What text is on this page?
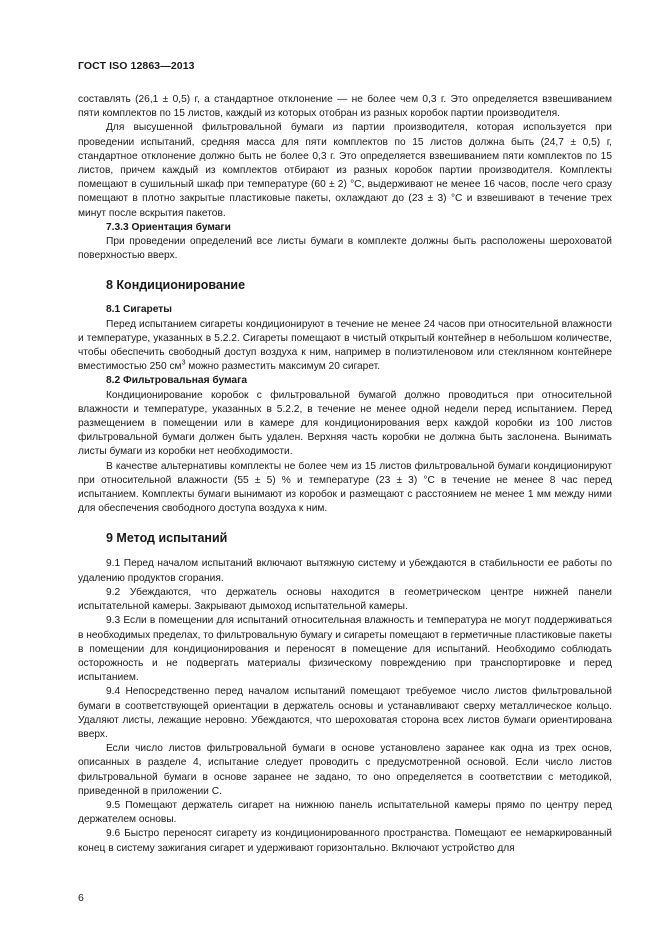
ГОСТ ISO 12863—2013

составлять (26,1 ± 0,5) г, а стандартное отклонение — не более чем 0,3 г. Это определяется взвешиванием пяти комплектов по 15 листов, каждый из которых отобран из разных коробок партии производителя.

Для высушенной фильтровальной бумаги из партии производителя, которая используется при проведении испытаний, средняя масса для пяти комплектов по 15 листов должна быть (24,7 ± 0,5) г, стандартное отклонение должно быть не более 0,3 г. Это определяется взвешиванием пяти комплектов по 15 листов, причем каждый из комплектов отбирают из разных коробок партии производителя. Комплекты помещают в сушильный шкаф при температуре (60 ± 2) °С, выдерживают не менее 16 часов, после чего сразу помещают в плотно закрытые пластиковые пакеты, охлаждают до (23 ± 3) °С и взвешивают в течение трех минут после вскрытия пакетов.

7.3.3 Ориентация бумаги

При проведении определений все листы бумаги в комплекте должны быть расположены шероховатой поверхностью вверх.

8 Кондиционирование

8.1 Сигареты

Перед испытанием сигареты кондиционируют в течение не менее 24 часов при относительной влажности и температуре, указанных в 5.2.2. Сигареты помещают в чистый открытый контейнер в небольшом количестве, чтобы обеспечить свободный доступ воздуха к ним, например в полиэтиленовом или стеклянном контейнере вместимостью 250 $см^3$ можно разместить максимум 20 сигарет.

8.2 Фильтровальная бумага

Кондиционирование коробок с фильтровальной бумагой должно проводиться при относительной влажности и температуре, указанных в 5.2.2, в течение не менее одной недели перед испытанием. Перед размещением в помещении или в камере для кондиционирования верх каждой коробки из 100 листов фильтровальной бумаги должен быть удален. Верхняя часть коробки не должна быть заслонена. Вынимать листы бумаги из коробки нет необходимости.

В качестве альтернативы комплекты не более чем из 15 листов фильтровальной бумаги кондиционируют при относительной влажности (55 ± 5) % и температуре (23 ± 3) °С в течение не менее 8 час перед испытанием. Комплекты бумаги вынимают из коробок и размещают с расстоянием не менее 1 мм между ними для обеспечения свободного доступа воздуха к ним.

9 Метод испытаний

9.1 Перед началом испытаний включают вытяжную систему и убеждаются в стабильности ее работы по удалению продуктов сгорания.

9.2 Убеждаются, что держатель основы находится в геометрическом центре нижней панели испытательной камеры. Закрывают дымоход испытательной камеры.

9.3 Если в помещении для испытаний относительная влажность и температура не могут поддерживаться в необходимых пределах, то фильтровальную бумагу и сигареты помещают в герметичные пластиковые пакеты в помещении для кондиционирования и переносят в помещение для испытаний. Необходимо соблюдать осторожность и не подвергать материалы физическому повреждению при транспортировке и перед испытанием.

9.4 Непосредственно перед началом испытаний помещают требуемое число листов фильтровальной бумаги в соответствующей ориентации в держатель основы и устанавливают сверху металлическое кольцо. Удаляют листы, лежащие неровно. Убеждаются, что шероховатая сторона всех листов бумаги ориентирована вверх.

Если число листов фильтровальной бумаги в основе установлено заранее как одна из трех основ, описанных в разделе 4, испытание следует проводить с предусмотренной основой. Если число листов фильтровальной бумаги в основе заранее не задано, то оно определяется в соответствии с методикой, приведенной в приложении С.

9.5 Помещают держатель сигарет на нижнюю панель испытательной камеры прямо по центру перед держателем основы.

9.6 Быстро переносят сигарету из кондиционированного пространства. Помещают ее немаркированный конец в систему зажигания сигарет и удерживают горизонтально. Включают устройство для

6
